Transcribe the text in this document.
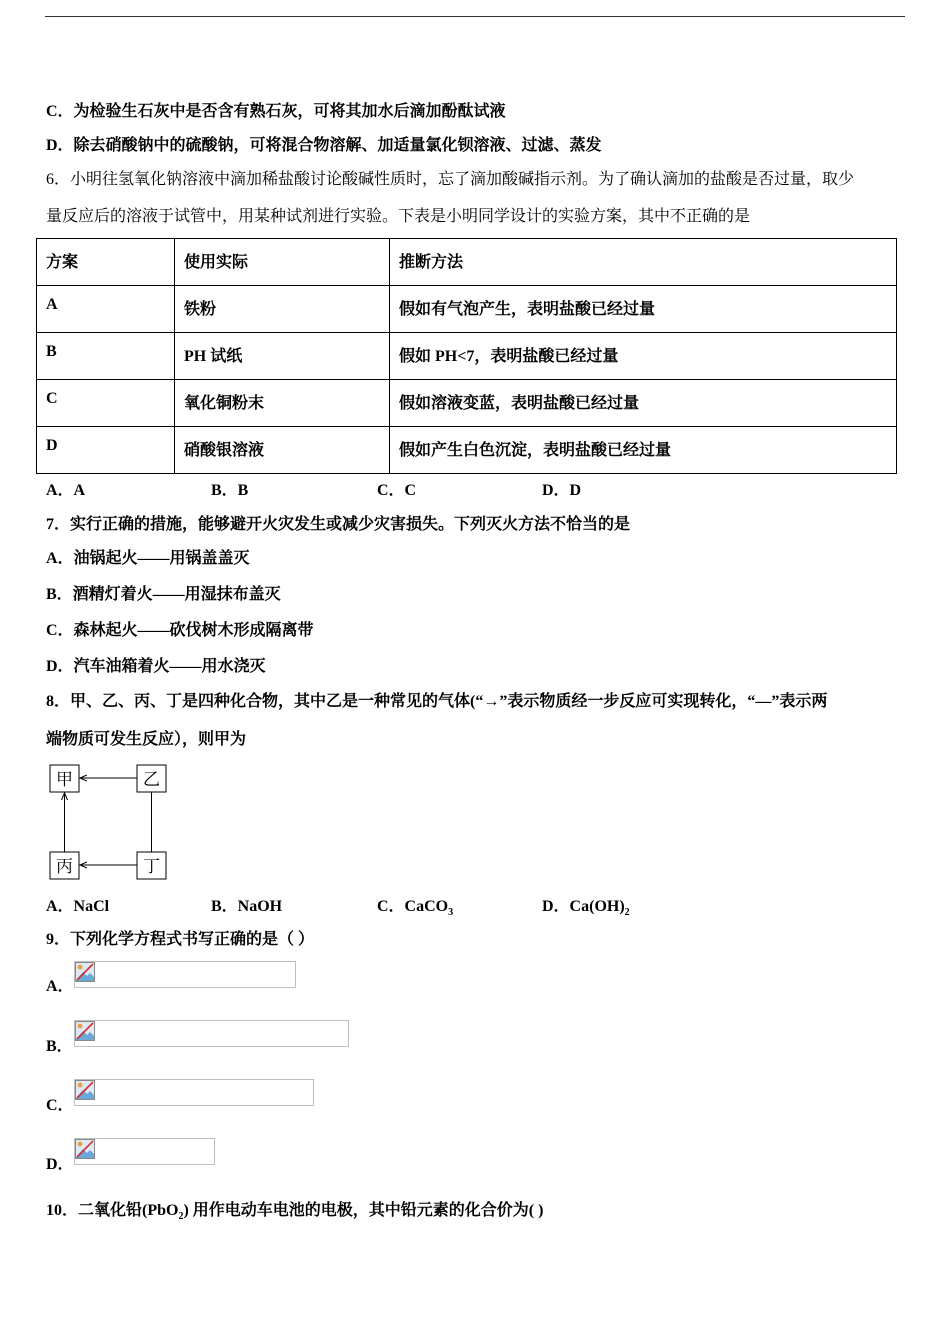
C．为检验生石灰中是否含有熟石灰，可将其加水后滴加酚酞试液
D．除去硝酸钠中的硫酸钠，可将混合物溶解、加适量氯化钡溶液、过滤、蒸发
6．小明往氢氧化钠溶液中滴加稀盐酸讨论酸碱性质时，忘了滴加酸碱指示剂。为了确认滴加的盐酸是否过量，取少
量反应后的溶液于试管中，用某种试剂进行实验。下表是小明同学设计的实验方案，其中不正确的是
方案	使用实际	推断方法

A	铁粉	假如有气泡产生，表明盐酸已经过量

B	PH 试纸	假如 PH<7，表明盐酸已经过量

C	氧化铜粉末	假如溶液变蓝，表明盐酸已经过量

D	硝酸银溶液	假如产生白色沉淀，表明盐酸已经过量
A．A	B．B	C．C	D．D
7．实行正确的措施，能够避开火灾发生或减少灾害损失。下列灭火方法不恰当的是
A．油锅起火——用锅盖盖灭
B．酒精灯着火——用湿抹布盖灭
C．森林起火——砍伐树木形成隔离带
D．汽车油箱着火——用水浇灭
8．甲、乙、丙、丁是四种化合物，其中乙是一种常见的气体(“→”表示物质经一步反应可实现转化，“—”表示两
端物质可发生反应），则甲为
甲	乙
丙	丁
A．NaCl	B．NaOH	C．CaCO$_3$	D．$Ca(OH)_2$
9．下列化学方程式书写正确的是（ ）
A．
B．
C．
D．
10．二氧化铅(PbO$_2$) 用作电动车电池的电极，其中铅元素的化合价为( )
